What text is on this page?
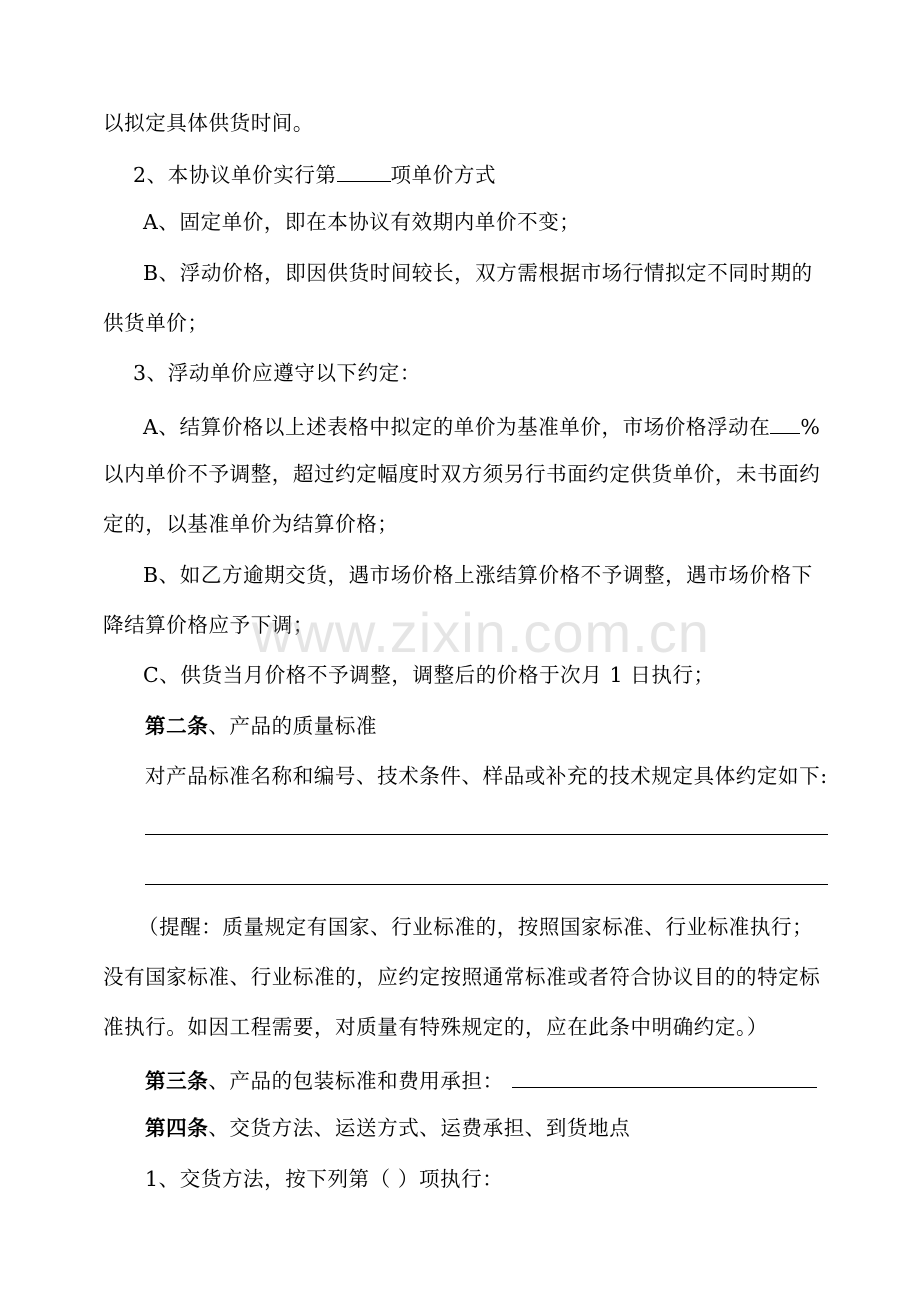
以拟定具体供货时间。
2、本协议单价实行第	项单价方式
A、固定单价，即在本协议有效期内单价不变；
B、浮动价格，即因供货时间较长，双方需根据市场行情拟定不同时期的
供货单价；
3、浮动单价应遵守以下约定：
A、结算价格以上述表格中拟定的单价为基准单价，市场价格浮动在 %
以内单价不予调整，超过约定幅度时双方须另行书面约定供货单价，未书面约
定的，以基准单价为结算价格；
B、如乙方逾期交货，遇市场价格上涨结算价格不予调整，遇市场价格下
降结算价格应予下调；
C、供货当月价格不予调整，调整后的价格于次月 1 日执行；
第二条、产品的质量标准
对产品标准名称和编号、技术条件、样品或补充的技术规定具体约定如下:
（提醒：质量规定有国家、行业标准的，按照国家标准、行业标准执行；
没有国家标准、行业标准的，应约定按照通常标准或者符合协议目的的特定标
准执行。如因工程需要，对质量有特殊规定的，应在此条中明确约定。）
第三条、产品的包装标准和费用承担：
第四条、交货方法、运送方式、运费承担、到货地点
1、交货方法，按下列第（ ）项执行：
www.zixin.com.cn
